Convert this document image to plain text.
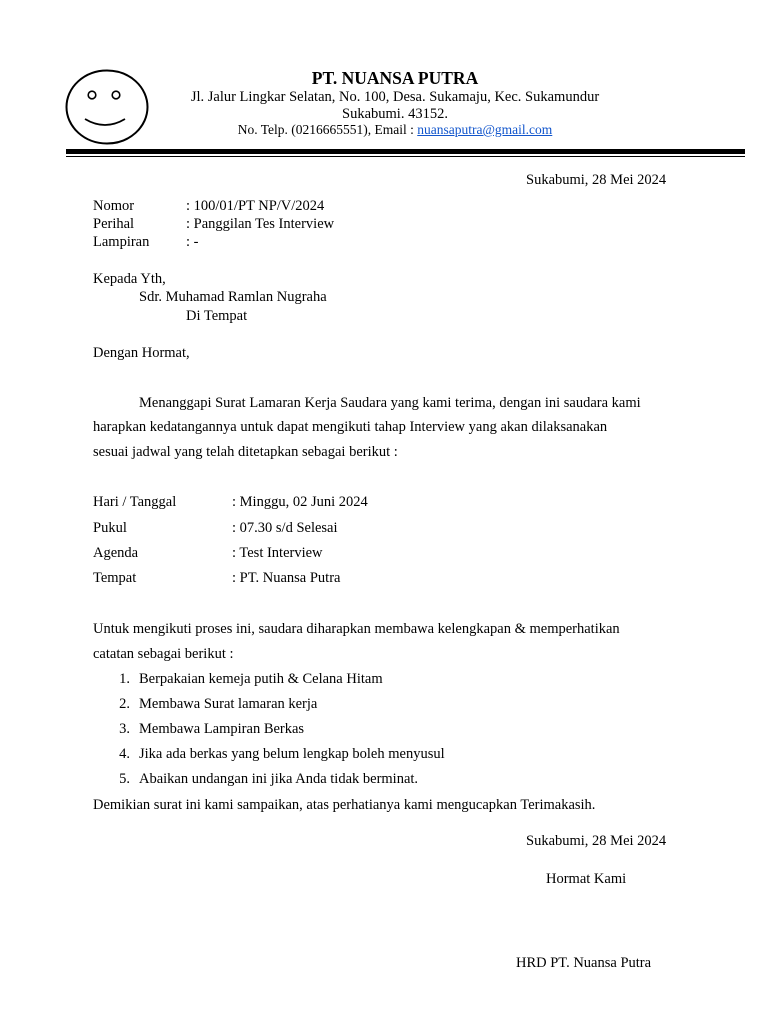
PT. NUANSA PUTRA
Jl. Jalur Lingkar Selatan, No. 100, Desa. Sukamaju, Kec. Sukamundur
Sukabumi. 43152.
No. Telp. (0216665551), Email : nuansaputra@gmail.com
Sukabumi, 28 Mei 2024
Nomor	: 100/01/PT NP/V/2024
Perihal	: Panggilan Tes Interview
Lampiran	: -
Kepada Yth,
Sdr. Muhamad Ramlan Nugraha
Di Tempat
Dengan Hormat,
Menanggapi Surat Lamaran Kerja Saudara yang kami terima, dengan ini saudara kami
harapkan kedatangannya untuk dapat mengikuti tahap Interview yang akan dilaksanakan
sesuai jadwal yang telah ditetapkan sebagai berikut :
Hari / Tanggal	: Minggu, 02 Juni 2024
Pukul	: 07.30 s/d Selesai
Agenda	: Test Interview
Tempat	: PT. Nuansa Putra
Untuk mengikuti proses ini, saudara diharapkan membawa kelengkapan & memperhatikan
catatan sebagai berikut :
1. Berpakaian kemeja putih & Celana Hitam
2. Membawa Surat lamaran kerja
3. Membawa Lampiran Berkas
4. Jika ada berkas yang belum lengkap boleh menyusul
5. Abaikan undangan ini jika Anda tidak berminat.
Demikian surat ini kami sampaikan, atas perhatianya kami mengucapkan Terimakasih.
Sukabumi, 28 Mei 2024
Hormat Kami
HRD PT. Nuansa Putra
